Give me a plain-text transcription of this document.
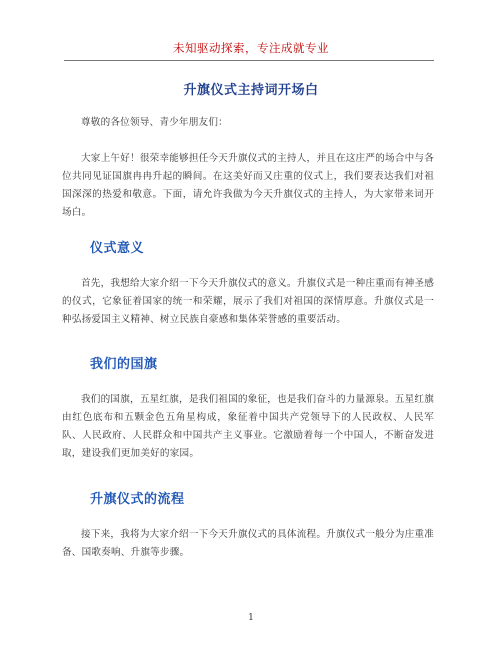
未知驱动探索，专注成就专业
升旗仪式主持词开场白
尊敬的各位领导、青少年朋友们：
大家上午好！很荣幸能够担任今天升旗仪式的主持人，并且在这庄严的场合中与各位共同见证国旗冉冉升起的瞬间。在这美好而又庄重的仪式上，我们要表达我们对祖国深深的热爱和敬意。下面，请允许我做为今天升旗仪式的主持人，为大家带来词开场白。
仪式意义
首先，我想给大家介绍一下今天升旗仪式的意义。升旗仪式是一种庄重而有神圣感的仪式，它象征着国家的统一和荣耀，展示了我们对祖国的深情厚意。升旗仪式是一种弘扬爱国主义精神、树立民族自豪感和集体荣誉感的重要活动。
我们的国旗
我们的国旗，五星红旗，是我们祖国的象征，也是我们奋斗的力量源泉。五星红旗由红色底布和五颗金色五角星构成，象征着中国共产党领导下的人民政权、人民军队、人民政府、人民群众和中国共产主义事业。它激励着每一个中国人，不断奋发进取，建设我们更加美好的家园。
升旗仪式的流程
接下来，我将为大家介绍一下今天升旗仪式的具体流程。升旗仪式一般分为庄重准备、国歌奏响、升旗等步骤。
1
